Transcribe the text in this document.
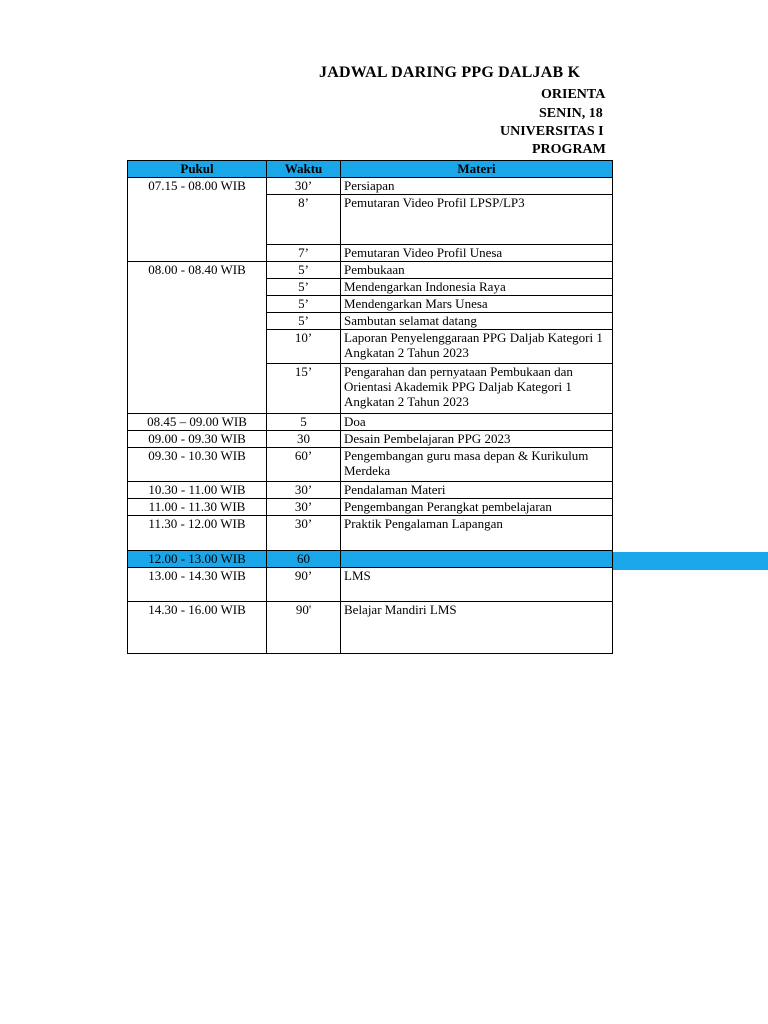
JADWAL DARING PPG DALJAB K
ORIENTA
SENIN, 18
UNIVERSITAS I
PROGRAM
Pukul	Waktu	Materi
07.15 - 08.00 WIB	30’	Persiapan
	8’	Pemutaran Video Profil LPSP/LP3
	7’	Pemutaran Video Profil Unesa
08.00 - 08.40 WIB	5’	Pembukaan
	5’	Mendengarkan Indonesia Raya
	5’	Mendengarkan Mars Unesa
	5’	Sambutan selamat datang
	10’	Laporan Penyelenggaraan PPG Daljab Kategori 1 Angkatan 2 Tahun 2023
	15’	Pengarahan dan pernyataan Pembukaan dan Orientasi Akademik PPG Daljab Kategori 1 Angkatan 2 Tahun 2023
08.45 – 09.00 WIB	5	Doa
09.00 - 09.30 WIB	30	Desain Pembelajaran PPG 2023
09.30 - 10.30 WIB	60’	Pengembangan guru masa depan & Kurikulum Merdeka
10.30 - 11.00 WIB	30’	Pendalaman Materi
11.00 - 11.30 WIB	30’	Pengembangan Perangkat pembelajaran
11.30 - 12.00 WIB	30’	Praktik Pengalaman Lapangan
12.00 - 13.00 WIB	60	
13.00 - 14.30 WIB	90’	LMS
14.30 - 16.00 WIB	90'	Belajar Mandiri LMS
